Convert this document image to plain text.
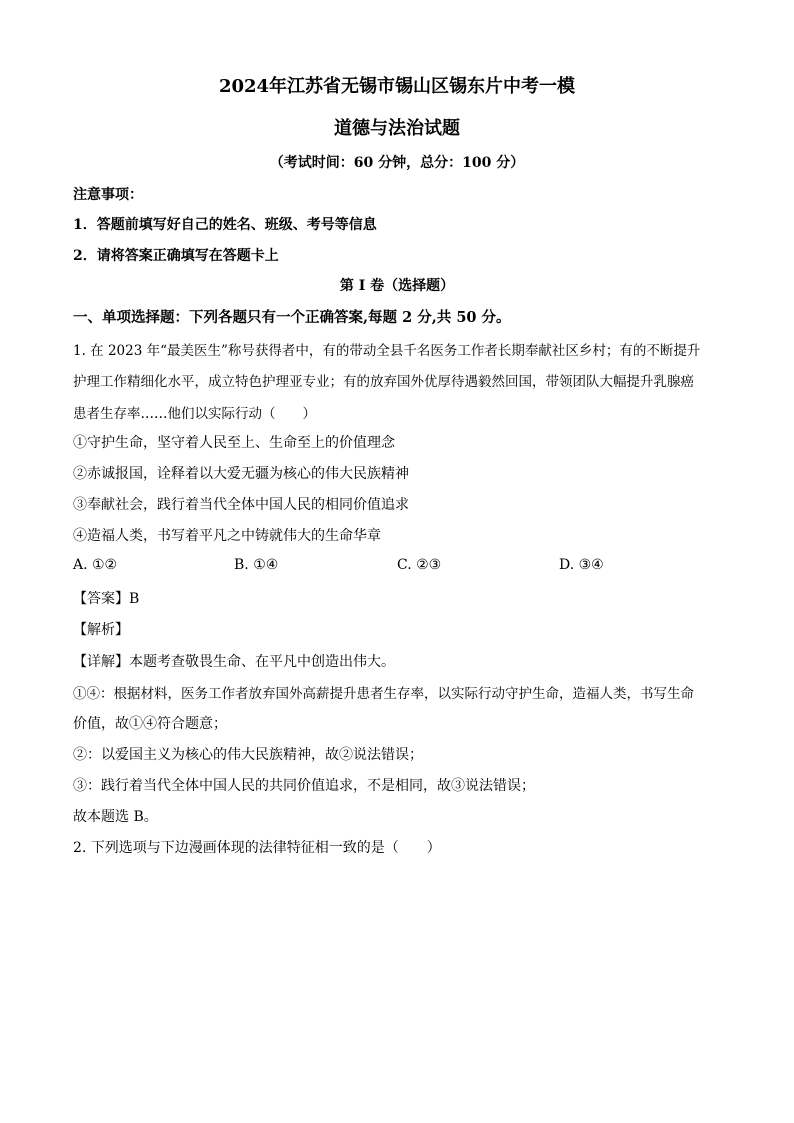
2024年江苏省无锡市锡山区锡东片中考一模
道德与法治试题
（考试时间：60 分钟，总分：100 分）
注意事项：
1．答题前填写好自己的姓名、班级、考号等信息
2．请将答案正确填写在答题卡上
第 I 卷（选择题）
一、单项选择题：下列各题只有一个正确答案,每题 2 分,共 50 分。
1. 在 2023 年“最美医生”称号获得者中，有的带动全县千名医务工作者长期奉献社区乡村；有的不断提升
护理工作精细化水平，成立特色护理亚专业；有的放弃国外优厚待遇毅然回国，带领团队大幅提升乳腺癌
患者生存率……他们以实际行动（　　）
①守护生命，坚守着人民至上、生命至上的价值理念
②赤诚报国，诠释着以大爱无疆为核心的伟大民族精神
③奉献社会，践行着当代全体中国人民的相同价值追求
④造福人类，书写着平凡之中铸就伟大的生命华章
A. ①②	B. ①④	C. ②③	D. ③④
【答案】B
【解析】
【详解】本题考查敬畏生命、在平凡中创造出伟大。
①④：根据材料，医务工作者放弃国外高薪提升患者生存率，以实际行动守护生命，造福人类，书写生命
价值，故①④符合题意；
②：以爱国主义为核心的伟大民族精神，故②说法错误；
③：践行着当代全体中国人民的共同价值追求，不是相同，故③说法错误；
故本题选 B。
2. 下列选项与下边漫画体现的法律特征相一致的是（　　）
